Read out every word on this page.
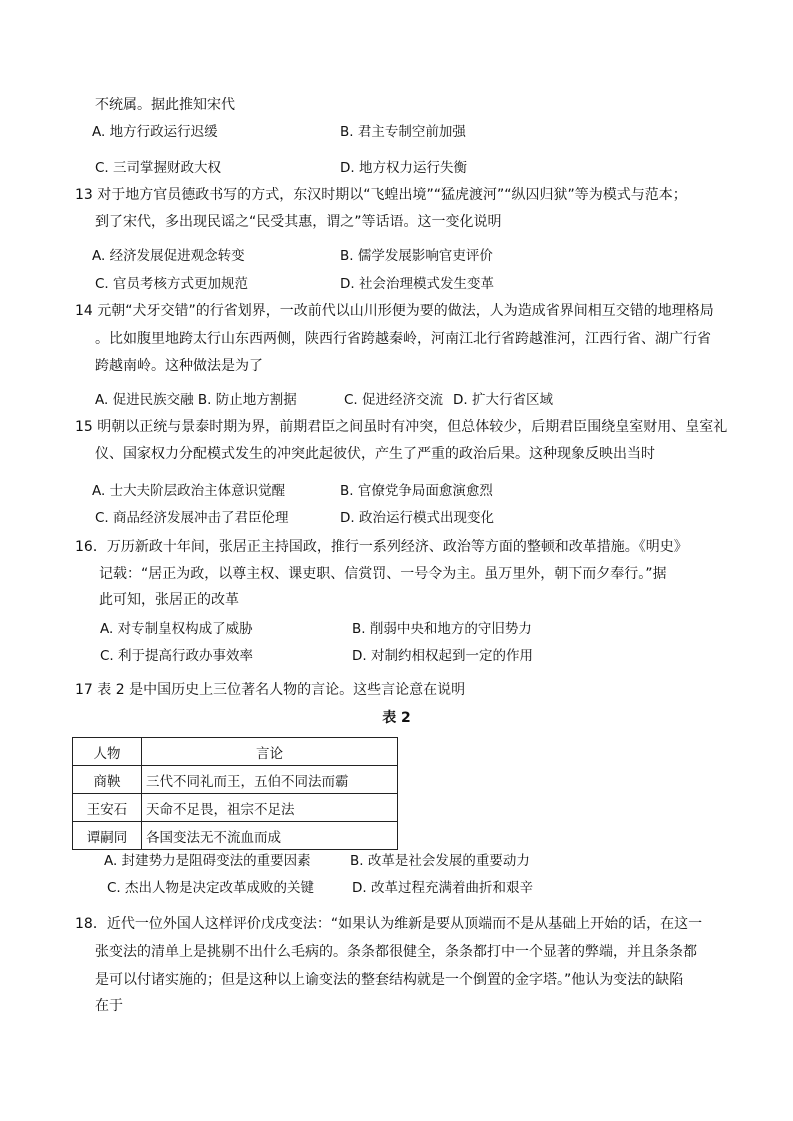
不统属。据此推知宋代
A. 地方行政运行迟缓	B. 君主专制空前加强
C. 三司掌握财政大权	D. 地方权力运行失衡
13 对于地方官员德政书写的方式，东汉时期以“飞蝗出境”“猛虎渡河”“纵囚归狱”等为模式与范本；
到了宋代，多出现民谣之“民受其惠，谓之”等话语。这一变化说明
A. 经济发展促进观念转变	B. 儒学发展影响官吏评价
C. 官员考核方式更加规范	D. 社会治理模式发生变革
14 元朝“犬牙交错”的行省划界，一改前代以山川形便为要的做法，人为造成省界间相互交错的地理格局
。比如腹里地跨太行山东西两侧，陕西行省跨越秦岭，河南江北行省跨越淮河，江西行省、湖广行省
跨越南岭。这种做法是为了
A. 促进民族交融 B. 防止地方割据	C. 促进经济交流 D. 扩大行省区域
15 明朝以正统与景泰时期为界，前期君臣之间虽时有冲突，但总体较少，后期君臣围绕皇室财用、皇室礼
仪、国家权力分配模式发生的冲突此起彼伏，产生了严重的政治后果。这种现象反映出当时
A. 士大夫阶层政治主体意识觉醒	B. 官僚党争局面愈演愈烈
C. 商品经济发展冲击了君臣伦理	D. 政治运行模式出现变化
16．万历新政十年间，张居正主持国政，推行一系列经济、政治等方面的整顿和改革措施。《明史》
记载：“居正为政，以尊主权、课吏职、信赏罚、一号令为主。虽万里外，朝下而夕奉行。”据
此可知，张居正的改革
A. 对专制皇权构成了威胁	B. 削弱中央和地方的守旧势力
C. 利于提高行政办事效率	D. 对制约相权起到一定的作用
17 表 2 是中国历史上三位著名人物的言论。这些言论意在说明
表 2
人物	言论
商鞅	三代不同礼而王，五伯不同法而霸
王安石	天命不足畏，祖宗不足法
谭嗣同	各国变法无不流血而成
A. 封建势力是阻碍变法的重要因素	B. 改革是社会发展的重要动力
C. 杰出人物是决定改革成败的关键	D. 改革过程充满着曲折和艰辛
18．近代一位外国人这样评价戊戌变法：“如果认为维新是要从顶端而不是从基础上开始的话，在这一
张变法的清单上是挑剔不出什么毛病的。条条都很健全，条条都打中一个显著的弊端，并且条条都
是可以付诸实施的；但是这种以上谕变法的整套结构就是一个倒置的金字塔。”他认为变法的缺陷
在于
